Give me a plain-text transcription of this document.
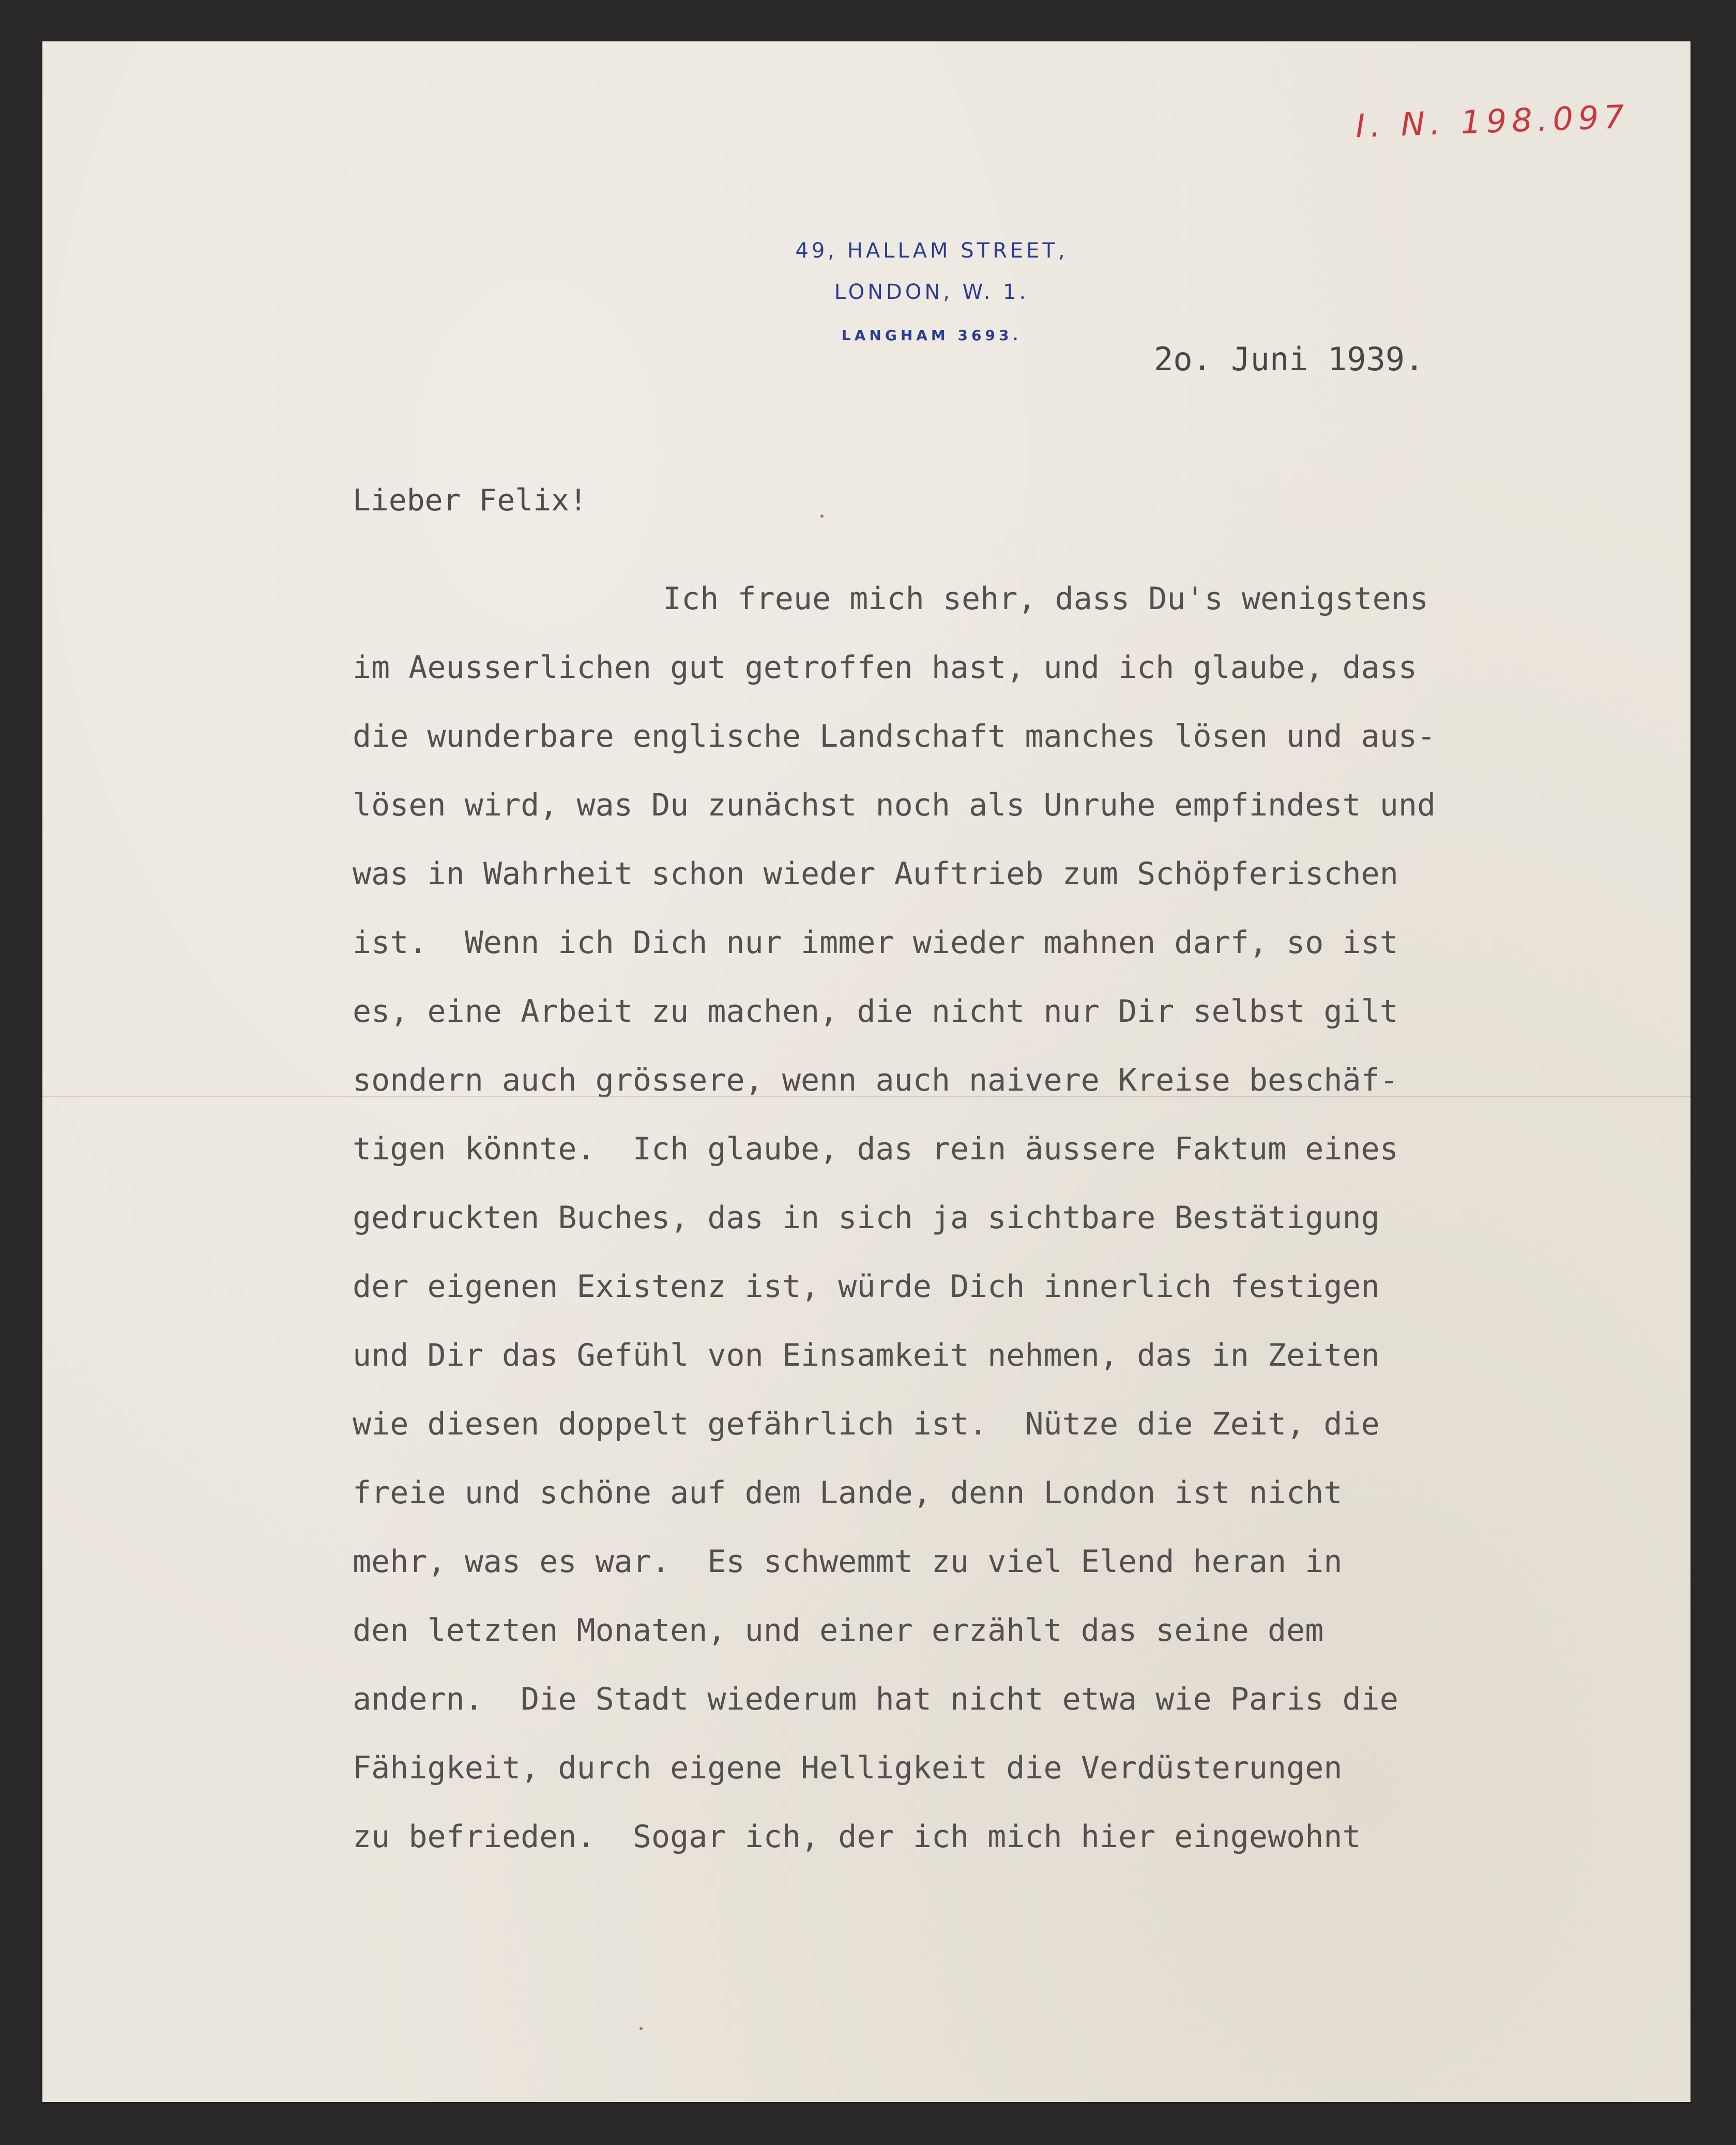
I. N. 198.097
49, HALLAM STREET,
LONDON, W. 1.
LANGHAM 3693.
2o. Juni 1939.
Lieber Felix!
Ich freue mich sehr, dass Du's wenigstens
im Aeusserlichen gut getroffen hast, und ich glaube, dass
die wunderbare englische Landschaft manches lösen und aus-
lösen wird, was Du zunächst noch als Unruhe empfindest und
was in Wahrheit schon wieder Auftrieb zum Schöpferischen
ist.  Wenn ich Dich nur immer wieder mahnen darf, so ist
es, eine Arbeit zu machen, die nicht nur Dir selbst gilt
sondern auch grössere, wenn auch naivere Kreise beschäf-
tigen könnte.  Ich glaube, das rein äussere Faktum eines
gedruckten Buches, das in sich ja sichtbare Bestätigung
der eigenen Existenz ist, würde Dich innerlich festigen
und Dir das Gefühl von Einsamkeit nehmen, das in Zeiten
wie diesen doppelt gefährlich ist.  Nütze die Zeit, die
freie und schöne auf dem Lande, denn London ist nicht
mehr, was es war.  Es schwemmt zu viel Elend heran in
den letzten Monaten, und einer erzählt das seine dem
andern.  Die Stadt wiederum hat nicht etwa wie Paris die
Fähigkeit, durch eigene Helligkeit die Verdüsterungen
zu befrieden.  Sogar ich, der ich mich hier eingewohnt
